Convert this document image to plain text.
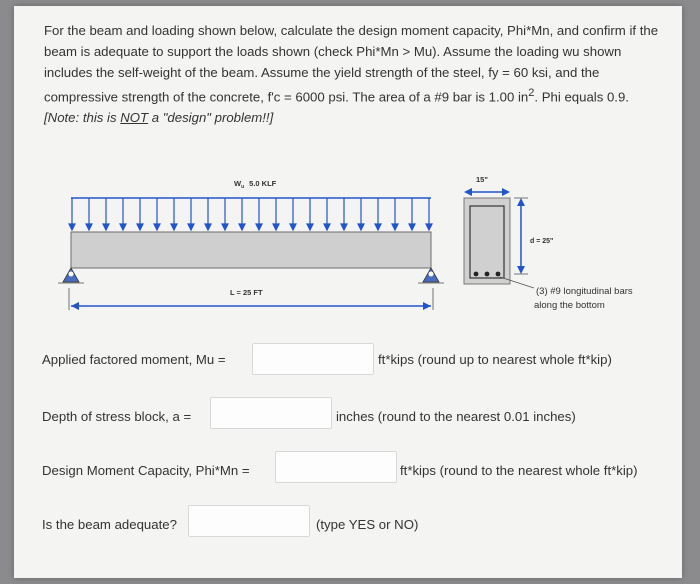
For the beam and loading shown below, calculate the design moment capacity, Phi*Mn, and confirm if the beam is adequate to support the loads shown (check Phi*Mn > Mu). Assume the loading wu shown includes the self-weight of the beam. Assume the yield strength of the steel, fy = 60 ksi, and the compressive strength of the concrete, f'c = 6000 psi. The area of a #9 bar is 1.00 $in^2$. Phi equals 0.9. [Note: this is NOT a "design" problem!!]
$W_u$ 5.0 KLF
L = 25 FT
15"
d = 25"
(3) #9 longitudinal bars
along the bottom
Applied factored moment, Mu =	ft*kips (round up to nearest whole ft*kip)
Depth of stress block, a =	inches (round to the nearest 0.01 inches)
Design Moment Capacity, Phi*Mn =	ft*kips (round to the nearest whole ft*kip)
Is the beam adequate?	(type YES or NO)
